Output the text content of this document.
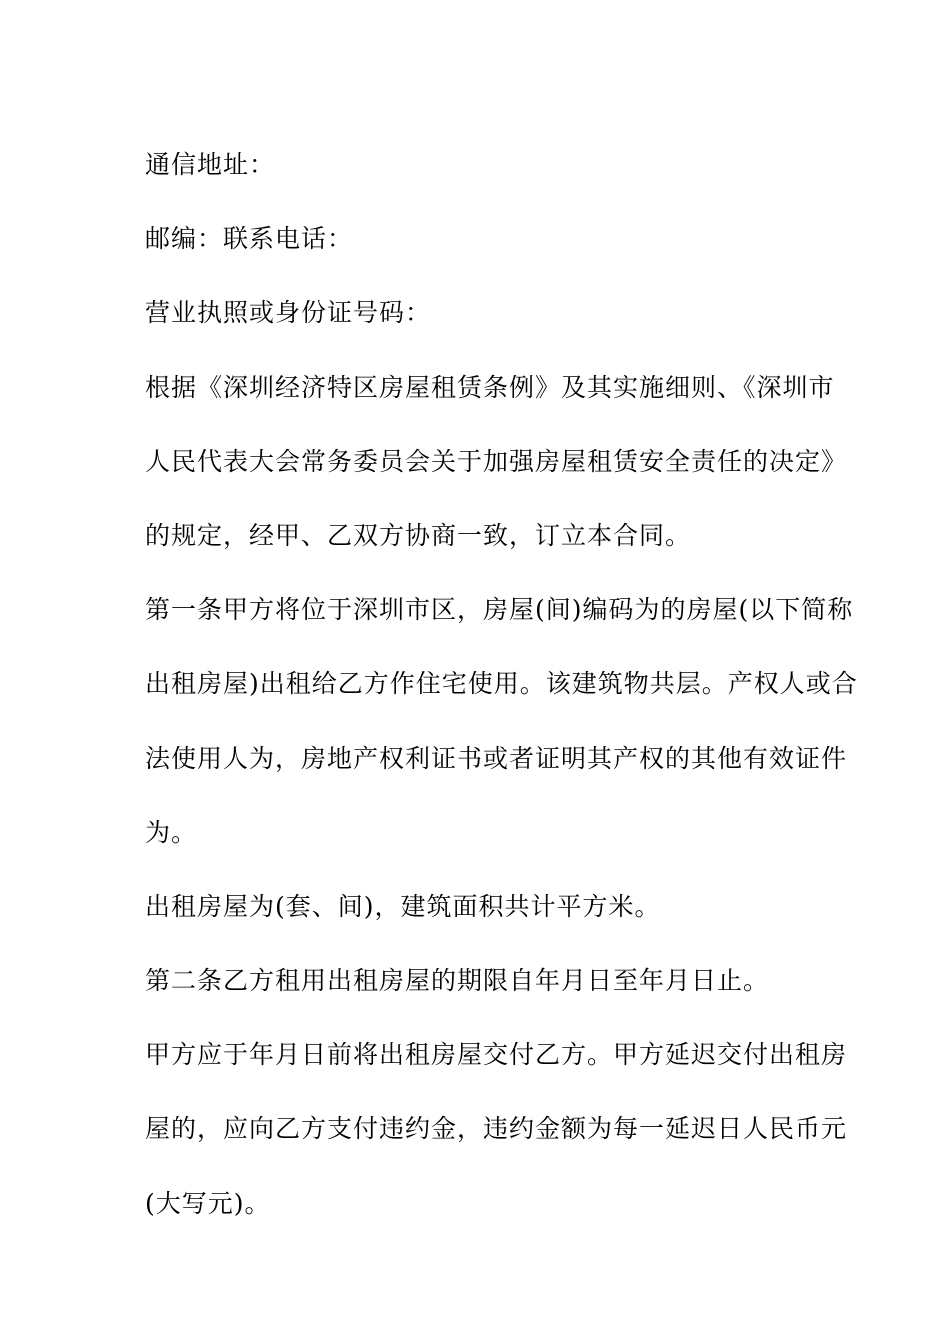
通信地址：
邮编：联系电话：
营业执照或身份证号码：
根据《深圳经济特区房屋租赁条例》及其实施细则、《深圳市
人民代表大会常务委员会关于加强房屋租赁安全责任的决定》
的规定，经甲、乙双方协商一致，订立本合同。
第一条甲方将位于深圳市区，房屋(间)编码为的房屋(以下简称
出租房屋)出租给乙方作住宅使用。该建筑物共层。产权人或合
法使用人为，房地产权利证书或者证明其产权的其他有效证件
为。
出租房屋为(套、间)，建筑面积共计平方米。
第二条乙方租用出租房屋的期限自年月日至年月日止。
甲方应于年月日前将出租房屋交付乙方。甲方延迟交付出租房
屋的，应向乙方支付违约金，违约金额为每一延迟日人民币元
(大写元)。
